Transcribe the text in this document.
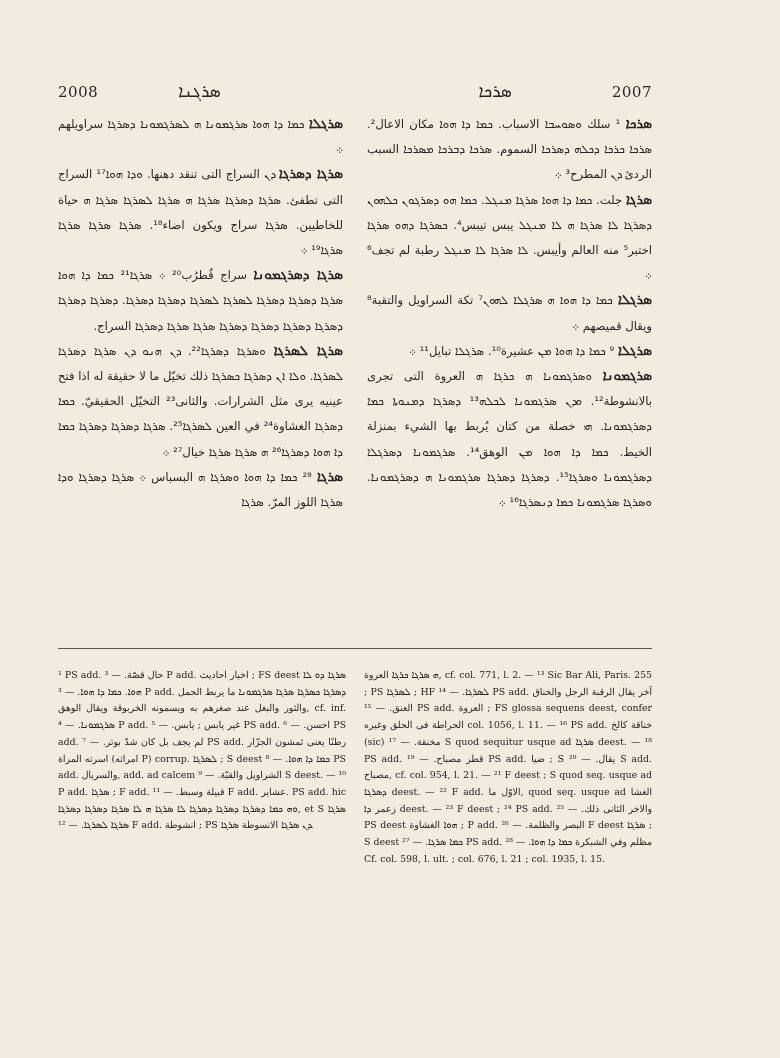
2008	ܣܪܓܢܐ	ܣܪܟܐ	2007
ܣܪܓܠܐ ܟܡܐ ܕܐ ܗܘܐ ܣܪܓܡܘܢܐ ܗ ܠܣܪܓܡܘܢܐ ܕܣܪܓܐ سراويلهم ܀
ܣܪܓܐ ܕܣܪܓܐ ܕܢ السراج التى تنقد دهنها. ܘܕܐ ܗܘܐ¹⁷ السراج التى تطفئ. ܣܪܓܐ ܕܣܪܓܐ ܣܪܓܐ ܗ ܣܪܓܐ ܠܣܪܓܐ ܣܪܓܐ ܗ حياة للخاطيين. ܣܪܓܐ سراج ويكون اضاء¹⁸. ܣܪܓܐ ܣܪܓܐ ܣܪܓܐ ܣܪܓܐ¹⁹ ܀
ܣܪܓܐ ܕܣܪܓܡܘܢܐ سراج قُطرُب²⁰ ܀ ܣܪܓܐ²¹ ܟܡܐ ܕܐ ܗܘܐ ܣܪܓܐ ܕܣܪܓܐ ܕܣܪܓܐ ܠܣܪܓܐ ܠܣܪܓܐ ܕܣܪܓܐ ܕܣܪܓܐ. ܕܣܪܓܐ ܕܣܪܓܐ ܕܣܪܓܐ ܕܣܪܓܐ ܕܣܪܓܐ ܕܣܪܓܐ ܣܪܓܐ ܣܪܓܐ ܕܣܪܓܐ السراج.
ܣܪܓܐ ܠܣܪܓܐ ܘܣܪܓܐ ܕܣܪܓܐ²². ܕܢ ܗܢܘ ܕܢ ܣܪܓܐ ܕܣܪܓܐ ܠܣܪܓܐ. ܘܠܐ ܐܢ ܕܣܪܓܐ ܟܣܪܓܐ ذلك تخيّل ما لا حقيقة له اذا فتح عينيه يرى مثل الشرارات. والثانى²³ التخيّل الحقيقيّ. ܟܡܐ ܕܣܪܓܐ الغشاوة²⁴ في العين ܠܣܪܓܐ²⁵. ܣܪܓܐ ܕܣܪܓܐ ܕܣܪܓܐ ܟܡܐ ܕܐ ܗܘܐ ܕܣܪܓܐ²⁶ ܗ ܣܪܓܐ ܣܪܓܐ خيال²⁷ ܀
ܣܪܓܐ ²⁸ ܟܡܐ ܕܐ ܗܘܐ ܘܣܪܓܐ ܗ البسباس ܀ ܣܪܓܐ ܕܣܪܓܐ ܘܕܐ ܣܪܓܐ اللوز المرّ. ܣܪܓܐ
ܣܪܟܐ ¹ سلك ܘܣܘܚܒܐ الاسباب. ܟܡܐ ܕܐ ܗܘܐ مكان الاعال². ܣܪܟܐ ܟܪܟܐ ܕܟܠܗ ܕܣܪܟܐ السموم. ܣܪܟܐ ܕܒܪܟܐ ܡܣܪܟܐ السبب الردئ ܕܢ المطرح³ ܀
ܣܪܓܐ جلت. ܟܡܐ ܕܐ ܗܘܐ ܣܪܓܐ ܡܢܓܠ. ܟܡܐ ܗܘ ܕܣܪܓܘܢ ܟܠܗܘܢ ܕܣܪܓܐ ܠܐ ܣܪܓܐ ܗ ܠܐ ܡܢܓܠ يبس تيبس⁴. ܟܣܪܓܐ ܕܗܘ ܣܪܓܐ اختبر⁵ منه العالم وأيبس. ܠܐ ܣܪܓܐ ܠܐ ܡܢܓܠ رطبة لم تجف⁶ ܀
ܣܪܓܠܐ ܟܡܐ ܕܐ ܗܘܐ ܗ ܣܪܓܠܐ ܠܗܘܢ⁷ تكة السراويل والتقبة⁸ ويقال قميصهم ܀
ܣܪܓܠܐ ⁹ ܟܡܐ ܕܐ ܗܘܐ ܡܢ عشيرة¹⁰. ܣܪܓܠܐ تبايل¹¹ ܀
ܣܪܓܡܘܢܐ ܘܣܪܓܡܘܢܐ ܗ ܟܪܓܐ ܗ العروة التى تجرى بالانشوطة¹². ܘܕܢ ܣܪܓܡܘܢܐ ܠܟܠܗ¹³ ܕܣܪܓܐ ܕܡܢܘܬܐ ܟܡܐ ܕܣܪܓܡܘܢܐ. ܗܝ خصلة من كتان يُربط بها الشيء بمنزلة الخيط. ܟܡܐ ܕܐ ܗܘܐ ܡܢ الوهق¹⁴. ܣܪܓܡܘܢܐ ܕܣܪܓܠܐ ܕܣܪܓܡܘܢܐ ܘܣܪܓܐ¹⁵. ܕܣܪܓܐ ܕܣܪܓܐ ܣܪܓܡܘܢܐ ܗ ܕܣܪܓܡܘܢܐ. ܘܣܪܓܐ ܣܪܓܡܘܢܐ ܟܡܐ ܕܢܣܪܓܐ¹⁶ ܀
¹ PS add. حال قصّة. — ³ P add. اخبار احاديث ; FS deest ܣܪܓܐ ܕܘ ܠܐ ܗܘܐ. ܟܡܐ ܕܐ ܗܘܐ. — ³ P add. ܕܣܪܓܐ ܟܣܪܓܐ ܣܪܓܐ ܣܪܓܡܘܢܐ ما يربط الجمل والثور والبغل عند صغرهم به ويسمونه الخربوقة ويقال الوهق, cf. inf. ܣܪܓܡܘܢܐ. — ⁴ P add. غير يابس ; يابس. — ⁵ PS add. احسن. — ⁶ PS add. لم يجف بل كان شدّ بوتر. — ⁷ PS add. رطنًا يعنى ثمشون الجزّار اسرته المراة (امراته P) corrup. ܠܣܪܓܐ ; S deest ܟܡܐ ܕܐ ܗܘܐ. — ⁸ PS add. والسربال, add. ad calcem الشراويل والقبّة. — ⁹ S deest. — ¹⁰ P add. ܣܪܓܐ ; F add. قبيلة وسبط. — ¹¹ F add. عشاير. PS add. hic ܘܗ ܟܡܐ ܕܣܪܓܐ ܕܣܪܓܐ ܕܣܪܓܐ ܠܐ ܣܪܓܐ ܗ ܠܐ ܣܪܓܐ ܕܣܪܓܐ ܕܣܪܓܐ, et S ܣܪܓܐ ܣܪܓܐ ܠܣܪܓܐ. — ¹² F add. انشوطة ; PS ܕܢ ܣܪܓܐ الانسوطة ܣܪܓܐ.
ܗ ܣܪܓܐ ܟܪܓܐ العروة, cf. col. 771, l. 2. — ¹³ Sic Bar Ali, Paris. 255 ; PS ܠܣܪܓܐ ; HF ܠܣܪܓܐ. — ¹⁴ PS add. آخر يقال الرقبة الرجل والخناق العنق. — ¹⁵ PS add. العروة ; FS glossa sequens deest, confer الحراطة فى الحلق وغيره col. 1056, l. 11. — ¹⁶ PS add. خناقة كالخ (sic) مخنقة. — ¹⁷ S quod sequitur usque ad ܣܪܓܐ deest. — ¹⁸ PS add. قطر مصباح. — ¹⁹ PS add. ضيا ; S يقال. — ²⁰ S add. مصباح, cf. col. 954, l. 21. — ²¹ F deest ; S quod seq. usque ad ܕܣܪܓܐ deest. — ²² F add. الاوّل ما, quod seq. usque ad الغشا زعمر ܕܐ deest. — ²³ F deest ; ²⁴ PS add. والاخر الثانى ذلك. — ²⁵ PS deest ܗܘܐ الغشاوة ; P add. البصر والظلمة. — ²⁶ F deest ܣܪܓܐ ; S deest ܟܡܐ ܣܪܓܐ. — ²⁷ PS add. مظلم وفي الشبكرة ܟܡܐ ܕܐ ܗܘܐ. — ²⁸ Cf. col. 598, l. ult. ; col. 676, l. 21 ; col. 1935, l. 15.
